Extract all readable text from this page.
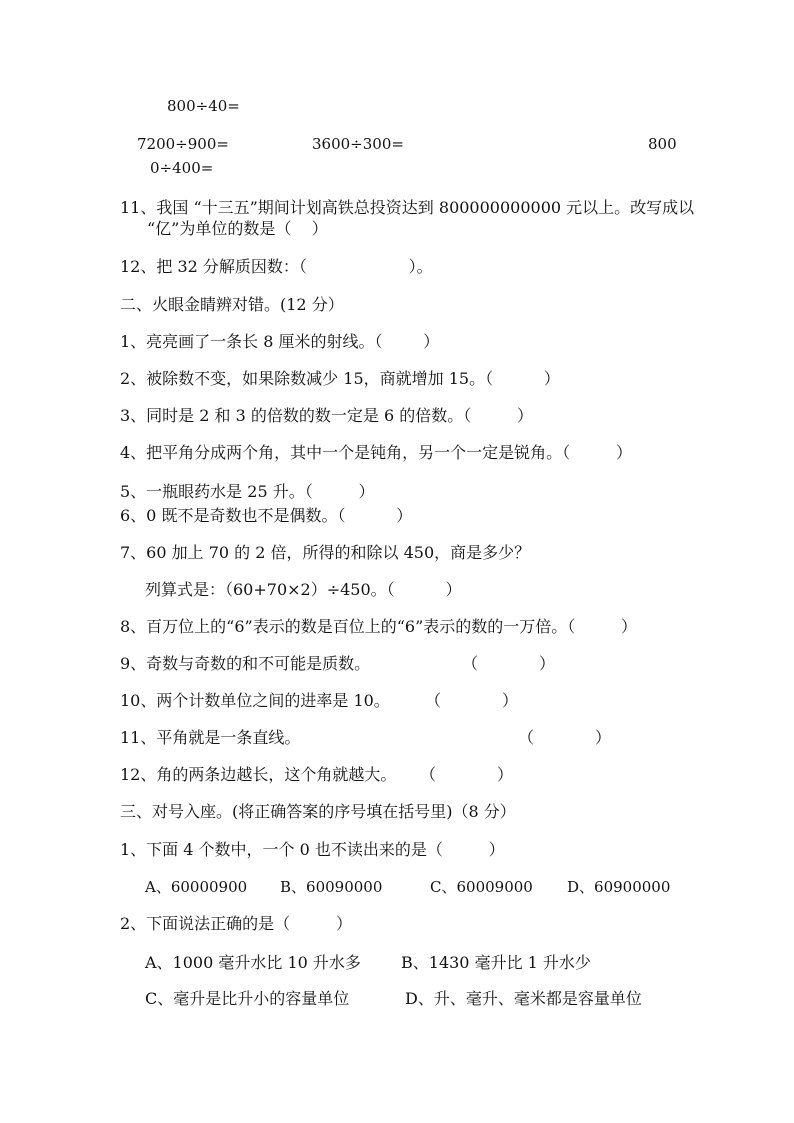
800÷40=
7200÷900=	3600÷300=	800
0÷400=
11、我国 “十三五”期间计划高铁总投资达到 800000000000 元以上。改写成以
“亿”为单位的数是（    ）
12、把 32 分解质因数：（                    ）。
二、火眼金睛辨对错。(12 分）
1、亮亮画了一条长 8 厘米的射线。（        ）
2、被除数不变，如果除数减少 15，商就增加 15。（          ）
3、同时是 2 和 3 的倍数的数一定是 6 的倍数。（         ）
4、把平角分成两个角，其中一个是钝角，另一个一定是锐角。（         ）
5、一瓶眼药水是 25 升。（         ）
6、0 既不是奇数也不是偶数。（          ）
7、60 加上 70 的 2 倍，所得的和除以 450，商是多少？
列算式是：（60+70×2）÷450。（          ）
8、百万位上的“6”表示的数是百位上的“6”表示的数的一万倍。（         ）
9、奇数与奇数的和不可能是质数。	（            ）
10、两个计数单位之间的进率是 10。 （            ）
11、平角就是一条直线。	（            ）
12、角的两条边越长，这个角就越大。 （            ）
三、对号入座。(将正确答案的序号填在括号里)（8 分）
1、下面 4 个数中，一个 0 也不读出来的是（         ）
A、60000900 B、60090000	C、60009000 D、60900000
2、下面说法正确的是（         ）
A、1000 毫升水比 10 升水多	B、1430 毫升比 1 升水少
C、毫升是比升小的容量单位	D、升、毫升、毫米都是容量单位
